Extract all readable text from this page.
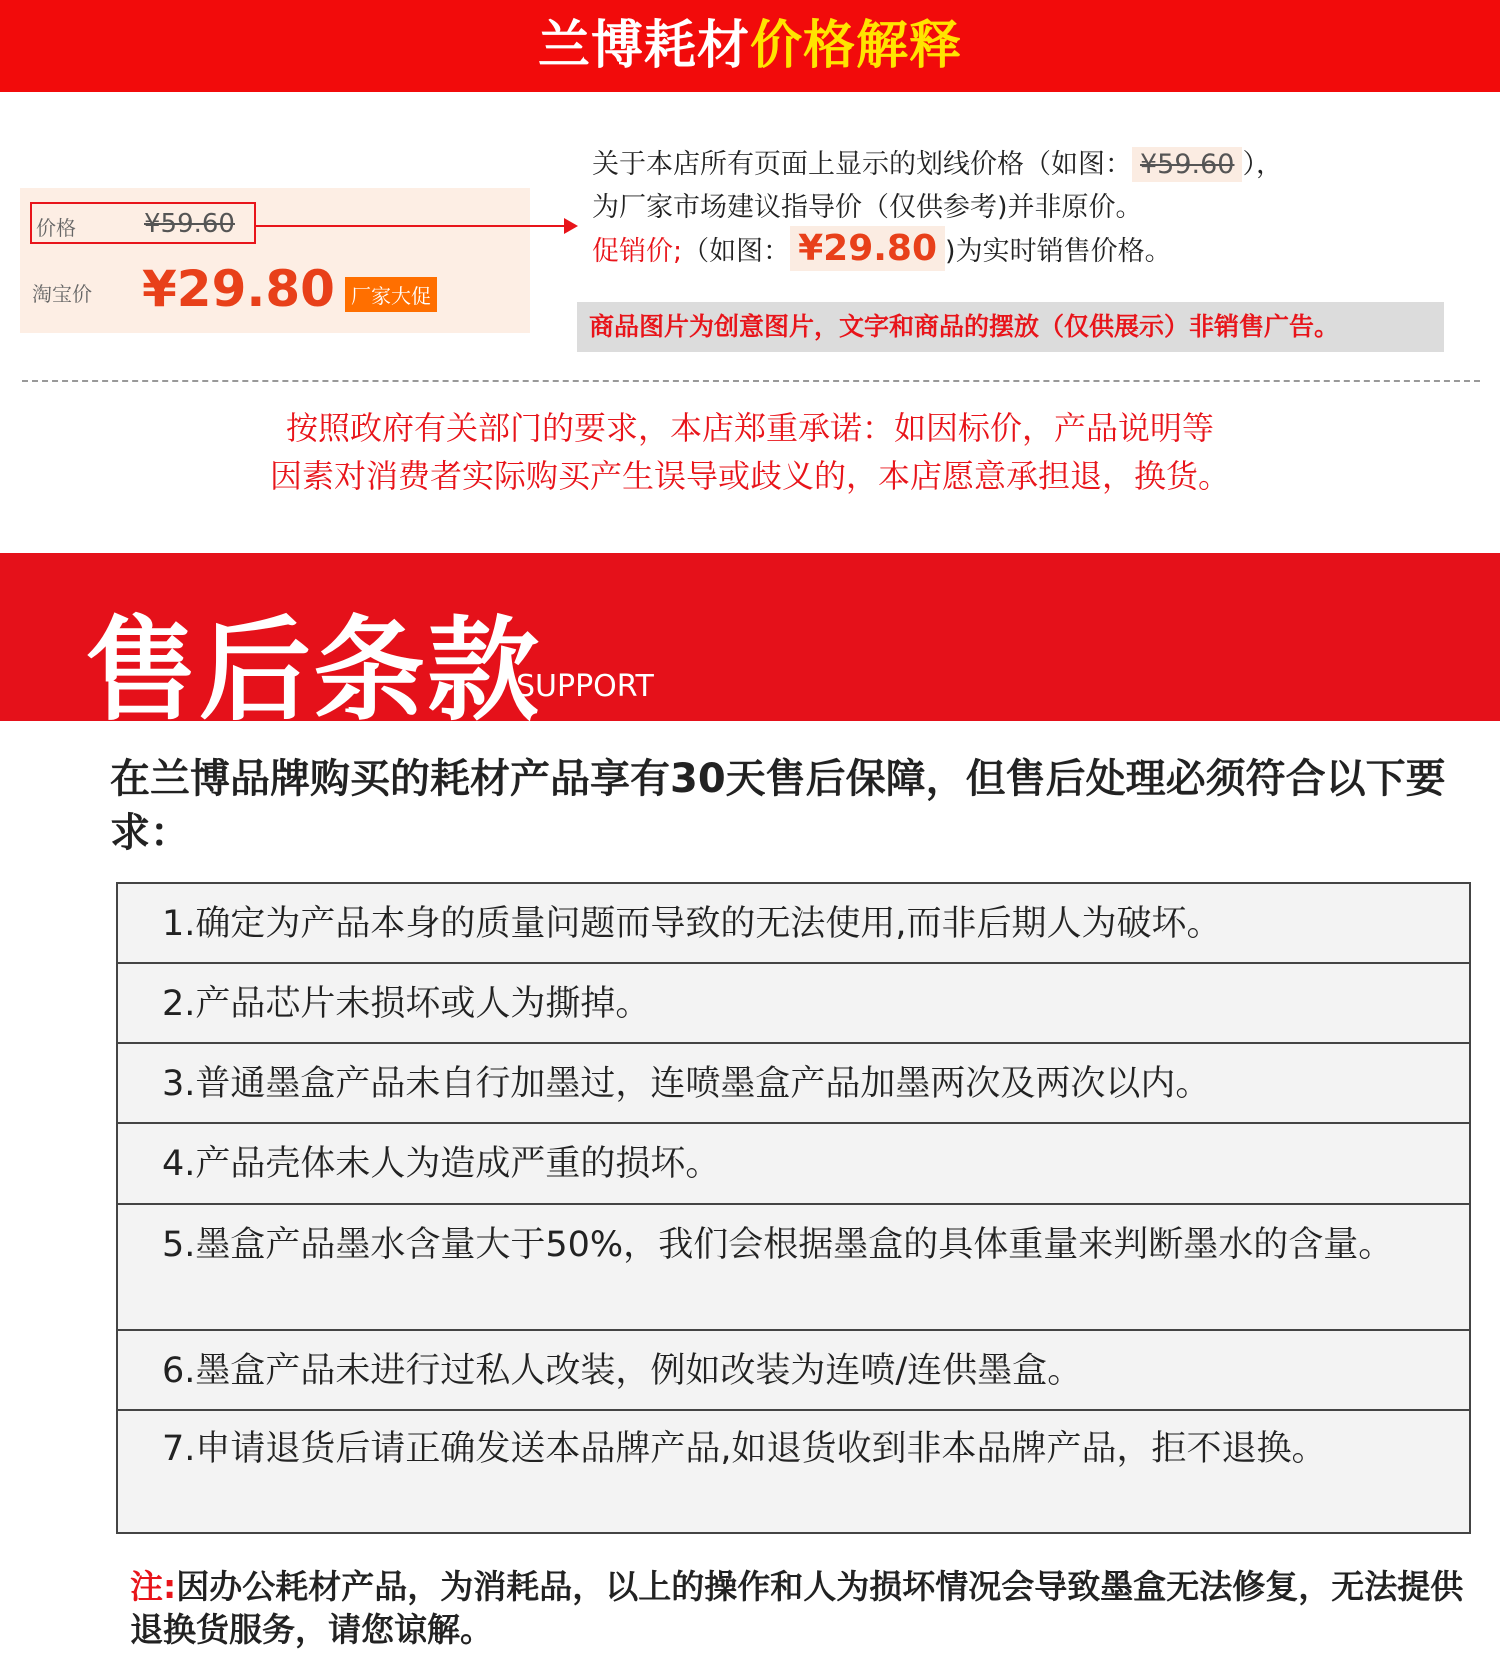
兰博耗材价格解释
价格	¥59.60
淘宝价 ¥29.80 厂家大促
关于本店所有页面上显示的划线价格（如图： ¥59.60 ），
为厂家市场建议指导价（仅供参考)并非原价。
促销价;（如图： ¥29.80 )为实时销售价格。
商品图片为创意图片，文字和商品的摆放（仅供展示）非销售广告。
按照政府有关部门的要求，本店郑重承诺：如因标价，产品说明等
因素对消费者实际购买产生误导或歧义的，本店愿意承担退，换货。
售后条款
SUPPORT
在兰博品牌购买的耗材产品享有30天售后保障，但售后处理必须符合以下要求：
1.确定为产品本身的质量问题而导致的无法使用,而非后期人为破坏。
2.产品芯片未损坏或人为撕掉。
3.普通墨盒产品未自行加墨过，连喷墨盒产品加墨两次及两次以内。
4.产品壳体未人为造成严重的损坏。
5.墨盒产品墨水含量大于50%，我们会根据墨盒的具体重量来判断墨水的含量。
6.墨盒产品未进行过私人改装，例如改装为连喷/连供墨盒。
7.申请退货后请正确发送本品牌产品,如退货收到非本品牌产品，拒不退换。
注:因办公耗材产品，为消耗品，以上的操作和人为损坏情况会导致墨盒无法修复，无法提供退换货服务，请您谅解。
